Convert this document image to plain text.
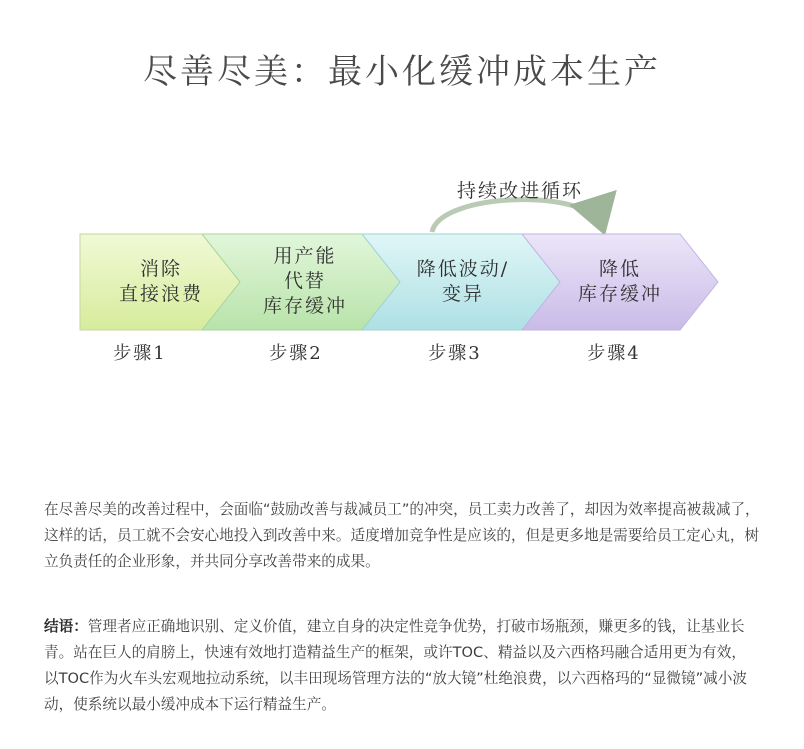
尽善尽美：最小化缓冲成本生产
持续改进循环
消除
直接浪费
用产能
代替
库存缓冲
降低波动/
变异
降低
库存缓冲
步骤1	步骤2	步骤3	步骤4
在尽善尽美的改善过程中，会面临“鼓励改善与裁减员工”的冲突，员工卖力改善了，却因为效率提高被裁减了，这样的话，员工就不会安心地投入到改善中来。适度增加竞争性是应该的，但是更多地是需要给员工定心丸，树立负责任的企业形象，并共同分享改善带来的成果。
结语：管理者应正确地识别、定义价值，建立自身的决定性竞争优势，打破市场瓶颈，赚更多的钱，让基业长青。站在巨人的肩膀上，快速有效地打造精益生产的框架，或许TOC、精益以及六西格玛融合适用更为有效，以TOC作为火车头宏观地拉动系统，以丰田现场管理方法的“放大镜”杜绝浪费，以六西格玛的“显微镜”减小波动，使系统以最小缓冲成本下运行精益生产。
